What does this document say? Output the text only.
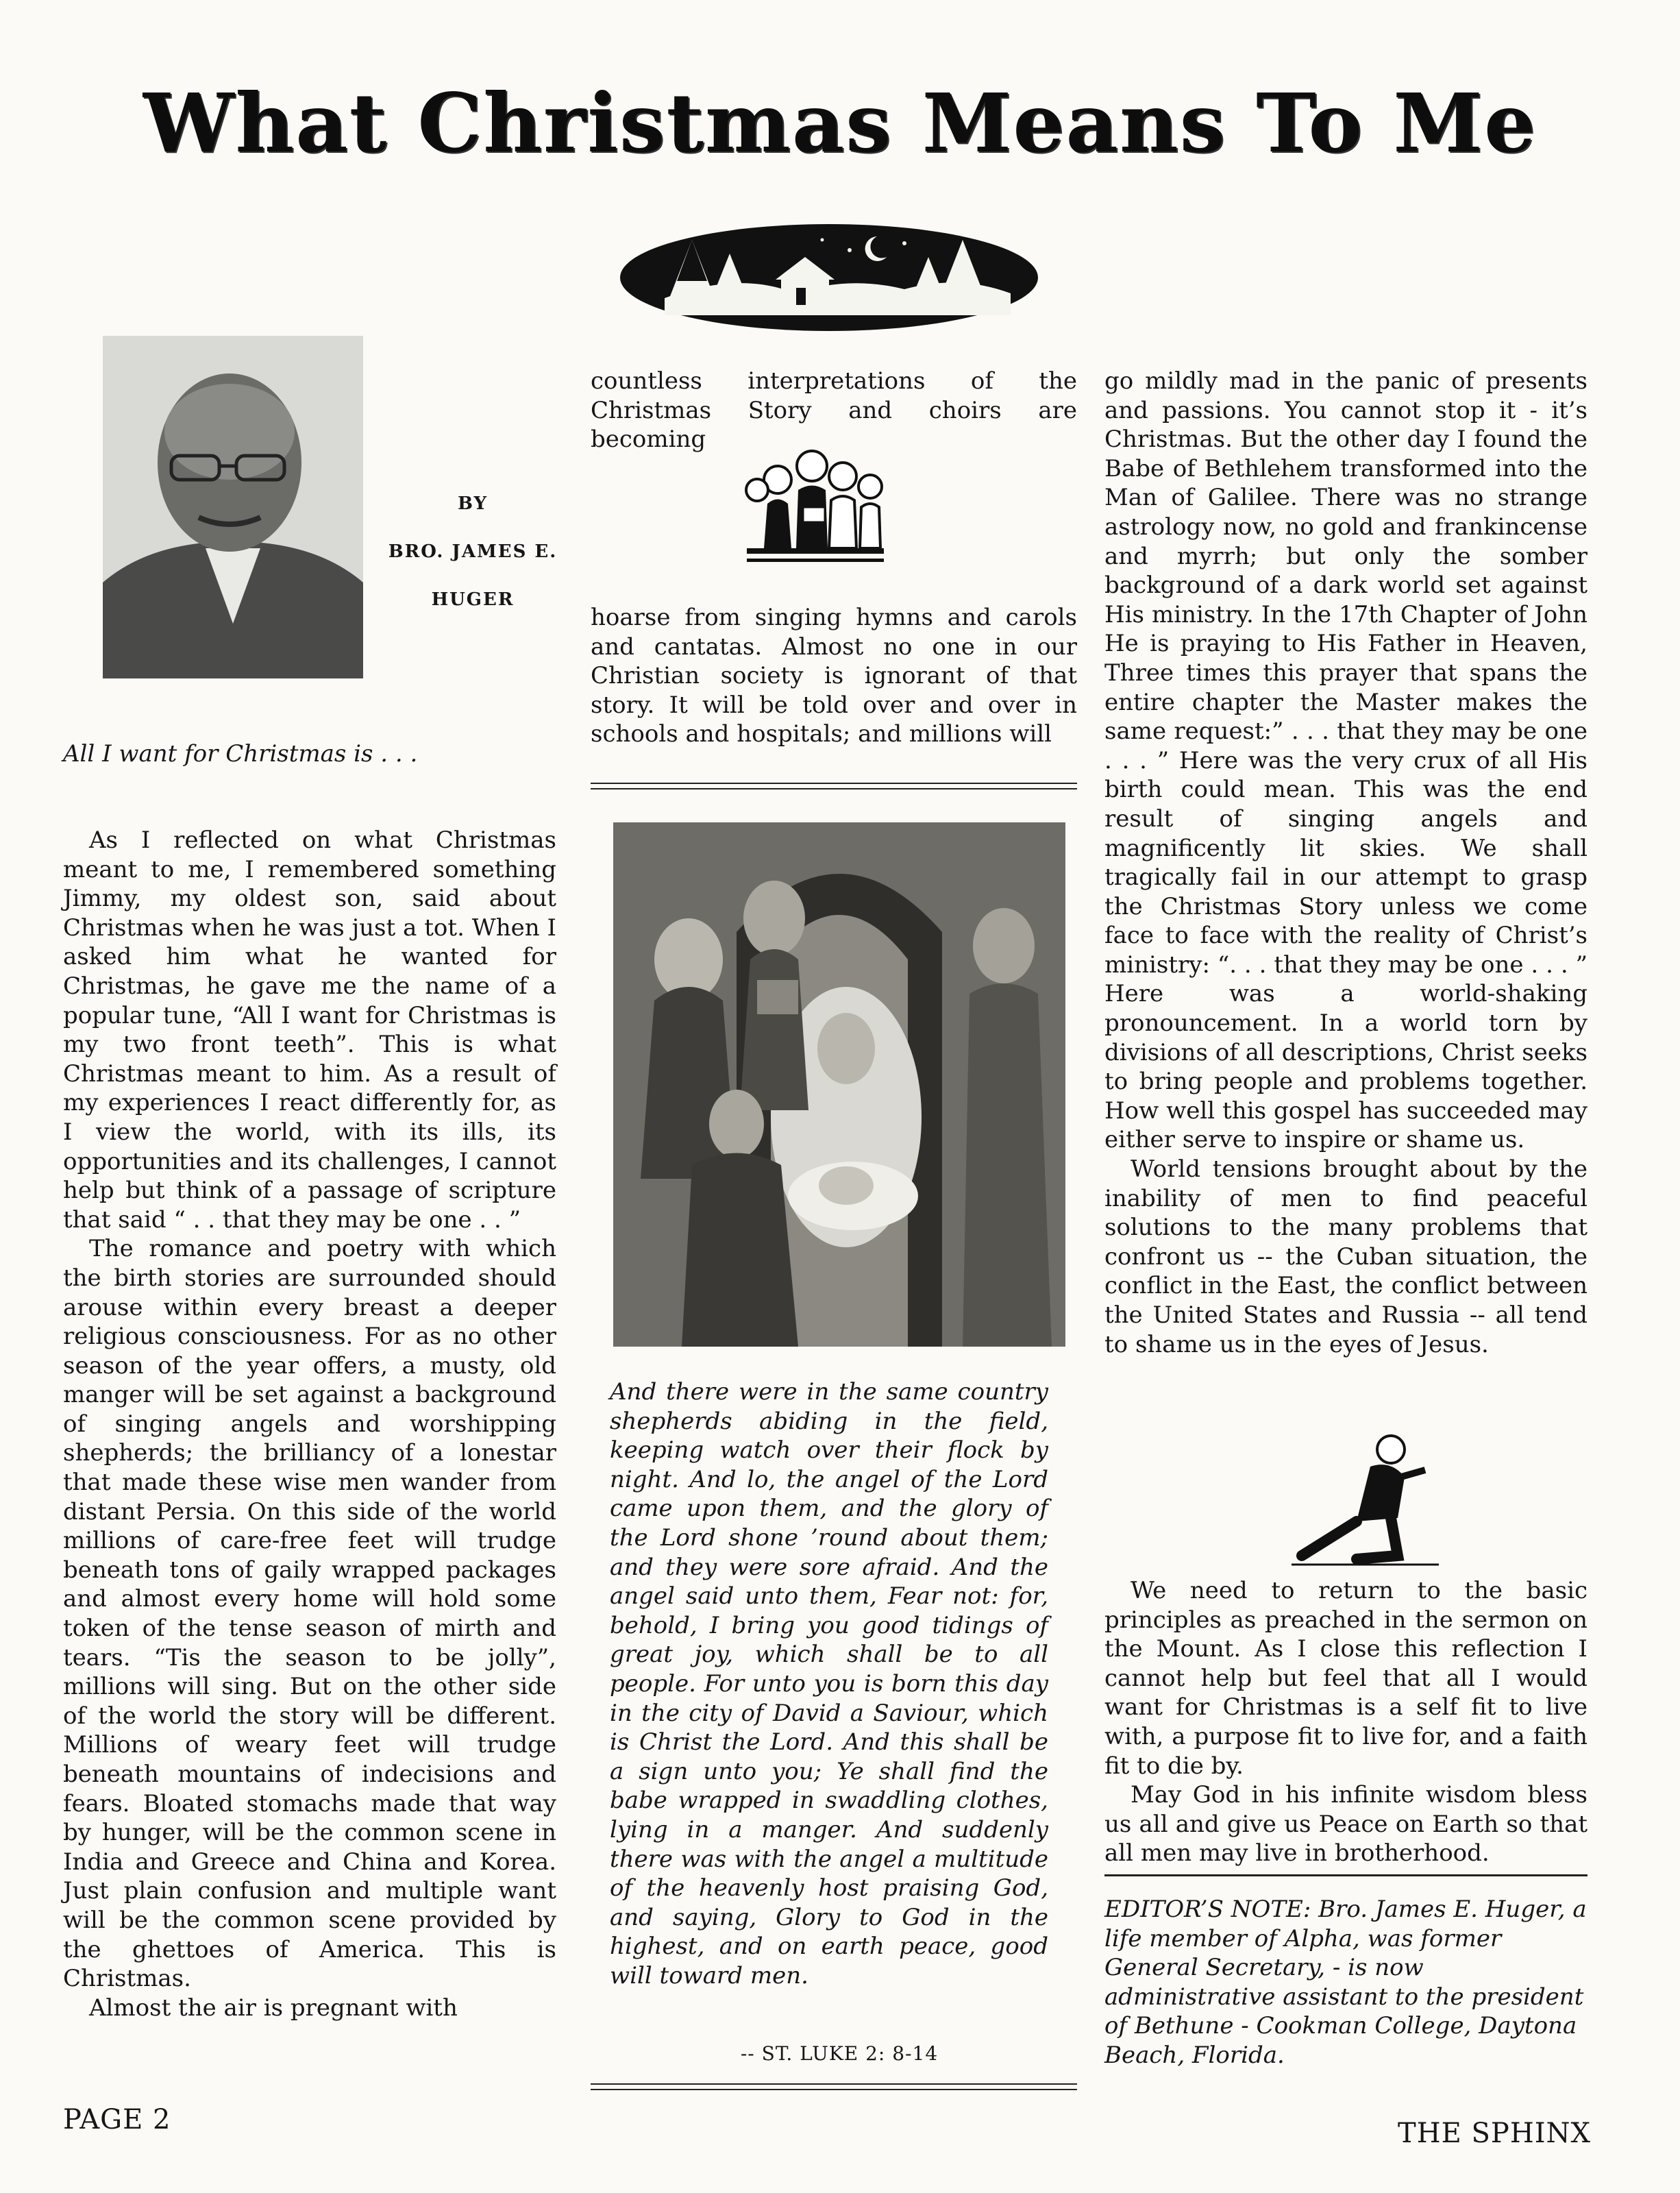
What Christmas Means To Me
BY
BRO. JAMES E.
HUGER
All I want for Christmas is . . .

As I reflected on what Christmas meant to me, I remembered something Jimmy, my oldest son, said about Christmas when he was just a tot. When I asked him what he wanted for Christmas, he gave me the name of a popular tune, “All I want for Christmas is my two front teeth”. This is what Christmas meant to him. As a result of my experiences I react differently for, as I view the world, with its ills, its opportunities and its challenges, I cannot help but think of a passage of scripture that said “ . . that they may be one . . ”

The romance and poetry with which the birth stories are surrounded should arouse within every breast a deeper religious consciousness. For as no other season of the year offers, a musty, old manger will be set against a background of singing angels and worshipping shepherds; the brilliancy of a lonestar that made these wise men wander from distant Persia. On this side of the world millions of care-free feet will trudge beneath tons of gaily wrapped packages and almost every home will hold some token of the tense season of mirth and tears. “Tis the season to be jolly”, millions will sing. But on the other side of the world the story will be different. Millions of weary feet will trudge beneath mountains of indecisions and fears. Bloated stomachs made that way by hunger, will be the common scene in India and Greece and China and Korea. Just plain confusion and multiple want will be the common scene provided by the ghettoes of America. This is Christmas.

Almost the air is pregnant with

countless interpretations of the Christmas Story and choirs are becoming

hoarse from singing hymns and carols and cantatas. Almost no one in our Christian society is ignorant of that story. It will be told over and over in schools and hospitals; and millions will

And there were in the same country shepherds abiding in the field, keeping watch over their flock by night. And lo, the angel of the Lord came upon them, and the glory of the Lord shone ’round about them; and they were sore afraid. And the angel said unto them, Fear not: for, behold, I bring you good tidings of great joy, which shall be to all people. For unto you is born this day in the city of David a Saviour, which is Christ the Lord. And this shall be a sign unto you; Ye shall find the babe wrapped in swaddling clothes, lying in a manger. And suddenly there was with the angel a multitude of the heavenly host praising God, and saying, Glory to God in the highest, and on earth peace, good will toward men.

-- ST. LUKE 2: 8-14

go mildly mad in the panic of presents and passions. You cannot stop it - it’s Christmas. But the other day I found the Babe of Bethlehem transformed into the Man of Galilee. There was no strange astrology now, no gold and frankincense and myrrh; but only the somber background of a dark world set against His ministry. In the 17th Chapter of John He is praying to His Father in Heaven, Three times this prayer that spans the entire chapter the Master makes the same request:” . . . that they may be one . . . ” Here was the very crux of all His birth could mean. This was the end result of singing angels and magnificently lit skies. We shall tragically fail in our attempt to grasp the Christmas Story unless we come face to face with the reality of Christ’s ministry: “. . . that they may be one . . . ” Here was a world-shaking pronouncement. In a world torn by divisions of all descriptions, Christ seeks to bring people and problems together. How well this gospel has succeeded may either serve to inspire or shame us.

World tensions brought about by the inability of men to find peaceful solutions to the many problems that confront us -- the Cuban situation, the conflict in the East, the conflict between the United States and Russia -- all tend to shame us in the eyes of Jesus.

We need to return to the basic principles as preached in the sermon on the Mount. As I close this reflection I cannot help but feel that all I would want for Christmas is a self fit to live with, a purpose fit to live for, and a faith fit to die by.

May God in his infinite wisdom bless us all and give us Peace on Earth so that all men may live in brotherhood.

EDITOR’S NOTE: Bro. James E. Huger, a life member of Alpha, was former General Secretary, - is now administrative assistant to the president of Bethune - Cookman College, Daytona Beach, Florida.

PAGE 2	THE SPHINX
